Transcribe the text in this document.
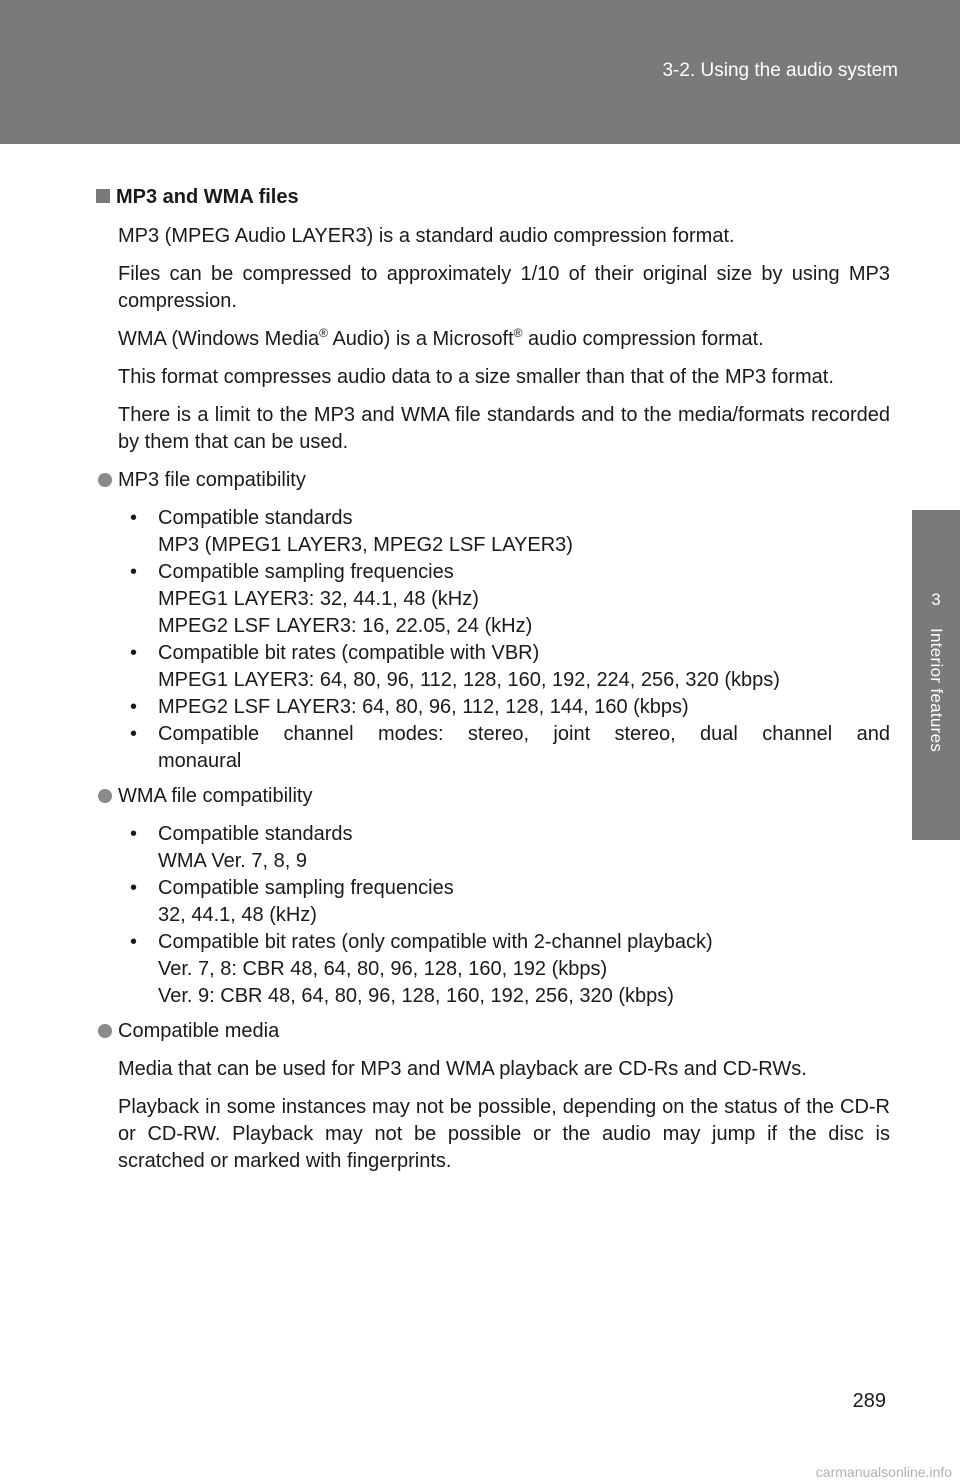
3-2. Using the audio system
3
Interior features
MP3 and WMA files
MP3 (MPEG Audio LAYER3) is a standard audio compression format.
Files can be compressed to approximately 1/10 of their original size by using MP3 compression.
WMA (Windows Media® Audio) is a Microsoft® audio compression format.
This format compresses audio data to a size smaller than that of the MP3 format.
There is a limit to the MP3 and WMA file standards and to the media/formats recorded by them that can be used.
MP3 file compatibility
• Compatible standards
MP3 (MPEG1 LAYER3, MPEG2 LSF LAYER3)
• Compatible sampling frequencies
MPEG1 LAYER3: 32, 44.1, 48 (kHz)
MPEG2 LSF LAYER3: 16, 22.05, 24 (kHz)
• Compatible bit rates (compatible with VBR)
MPEG1 LAYER3: 64, 80, 96, 112, 128, 160, 192, 224, 256, 320 (kbps)
• MPEG2 LSF LAYER3: 64, 80, 96, 112, 128, 144, 160 (kbps)
• Compatible channel modes: stereo, joint stereo, dual channel and
monaural
WMA file compatibility
• Compatible standards
WMA Ver. 7, 8, 9
• Compatible sampling frequencies
32, 44.1, 48 (kHz)
• Compatible bit rates (only compatible with 2-channel playback)
Ver. 7, 8: CBR 48, 64, 80, 96, 128, 160, 192 (kbps)
Ver. 9: CBR 48, 64, 80, 96, 128, 160, 192, 256, 320 (kbps)
Compatible media
Media that can be used for MP3 and WMA playback are CD-Rs and CD-RWs.
Playback in some instances may not be possible, depending on the status of the CD-R or CD-RW. Playback may not be possible or the audio may jump if the disc is scratched or marked with fingerprints.
289
carmanualsonline.info
